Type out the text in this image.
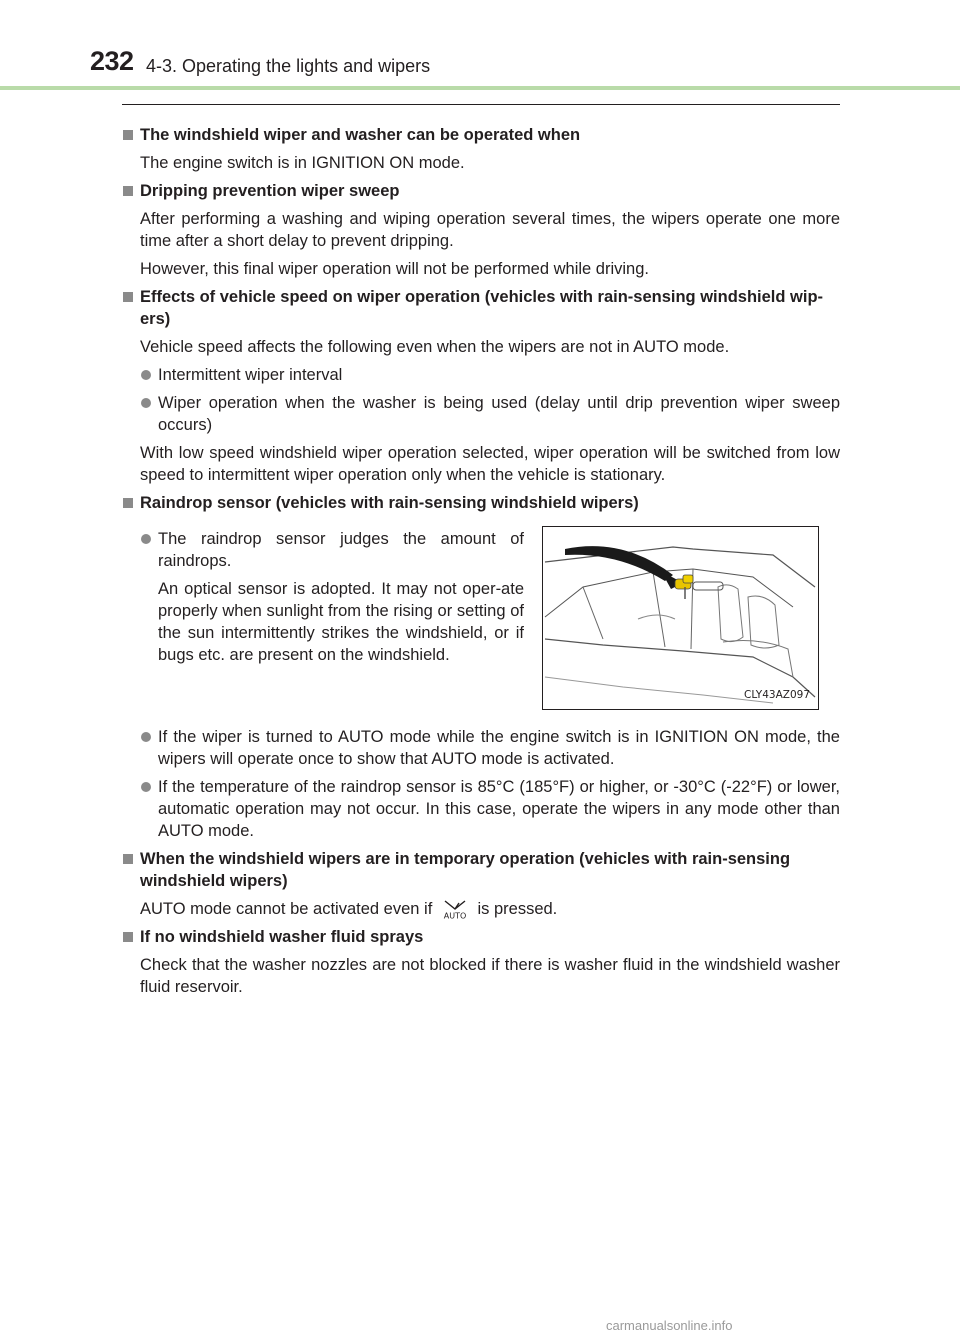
232 4-3. Operating the lights and wipers
The windshield wiper and washer can be operated when
The engine switch is in IGNITION ON mode.
Dripping prevention wiper sweep
After performing a washing and wiping operation several times, the wipers operate one more time after a short delay to prevent dripping.
However, this final wiper operation will not be performed while driving.
Effects of vehicle speed on wiper operation (vehicles with rain-sensing windshield wip-ers)
Vehicle speed affects the following even when the wipers are not in AUTO mode.
Intermittent wiper interval
Wiper operation when the washer is being used (delay until drip prevention wiper sweep occurs)
With low speed windshield wiper operation selected, wiper operation will be switched from low speed to intermittent wiper operation only when the vehicle is stationary.
Raindrop sensor (vehicles with rain-sensing windshield wipers)
The raindrop sensor judges the amount of raindrops.
An optical sensor is adopted. It may not oper-ate properly when sunlight from the rising or setting of the sun intermittently strikes the windshield, or if bugs etc. are present on the windshield.
CLY43AZ097
If the wiper is turned to AUTO mode while the engine switch is in IGNITION ON mode, the wipers will operate once to show that AUTO mode is activated.
If the temperature of the raindrop sensor is 85°C (185°F) or higher, or -30°C (-22°F) or lower, automatic operation may not occur. In this case, operate the wipers in any mode other than AUTO mode.
When the windshield wipers are in temporary operation (vehicles with rain-sensing windshield wipers)
AUTO mode cannot be activated even if AUTO is pressed.
If no windshield washer fluid sprays
Check that the washer nozzles are not blocked if there is washer fluid in the windshield washer fluid reservoir.
carmanualsonline.info
